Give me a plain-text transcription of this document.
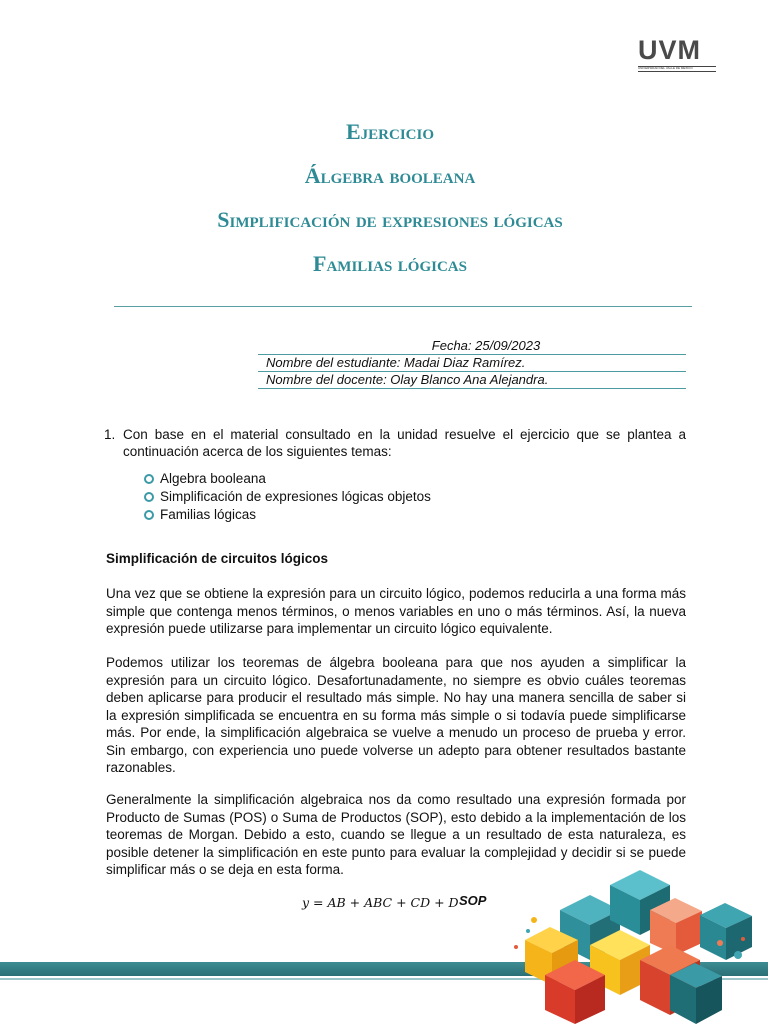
UVM
UNIVERSIDAD DEL VALLE DE MÉXICO
Ejercicio
Álgebra booleana
Simplificación de expresiones lógicas
Familias lógicas
Fecha: 25/09/2023
Nombre del estudiante: Madai Diaz Ramírez.
Nombre del docente: Olay Blanco Ana Alejandra.
1. Con base en el material consultado en la unidad resuelve el ejercicio que se plantea a continuación acerca de los siguientes temas:
Algebra booleana
Simplificación de expresiones lógicas objetos
Familias lógicas
Simplificación de circuitos lógicos

Una vez que se obtiene la expresión para un circuito lógico, podemos reducirla a una forma más simple que contenga menos términos, o menos variables en uno o más términos. Así, la nueva expresión puede utilizarse para implementar un circuito lógico equivalente.

Podemos utilizar los teoremas de álgebra booleana para que nos ayuden a simplificar la expresión para un circuito lógico. Desafortunadamente, no siempre es obvio cuáles teoremas deben aplicarse para producir el resultado más simple. No hay una manera sencilla de saber si la expresión simplificada se encuentra en su forma más simple o si todavía puede simplificarse más. Por ende, la simplificación algebraica se vuelve a menudo un proceso de prueba y error. Sin embargo, con experiencia uno puede volverse un adepto para obtener resultados bastante razonables.

Generalmente la simplificación algebraica nos da como resultado una expresión formada por Producto de Sumas (POS) o Suma de Productos (SOP), esto debido a la implementación de los teoremas de Morgan. Debido a esto, cuando se llegue a un resultado de esta naturaleza, es posible detener la simplificación en este punto para evaluar la complejidad y decidir si se puede simplificar más o se deja en esta forma.

y = AB + ABC + CD + D SOP
